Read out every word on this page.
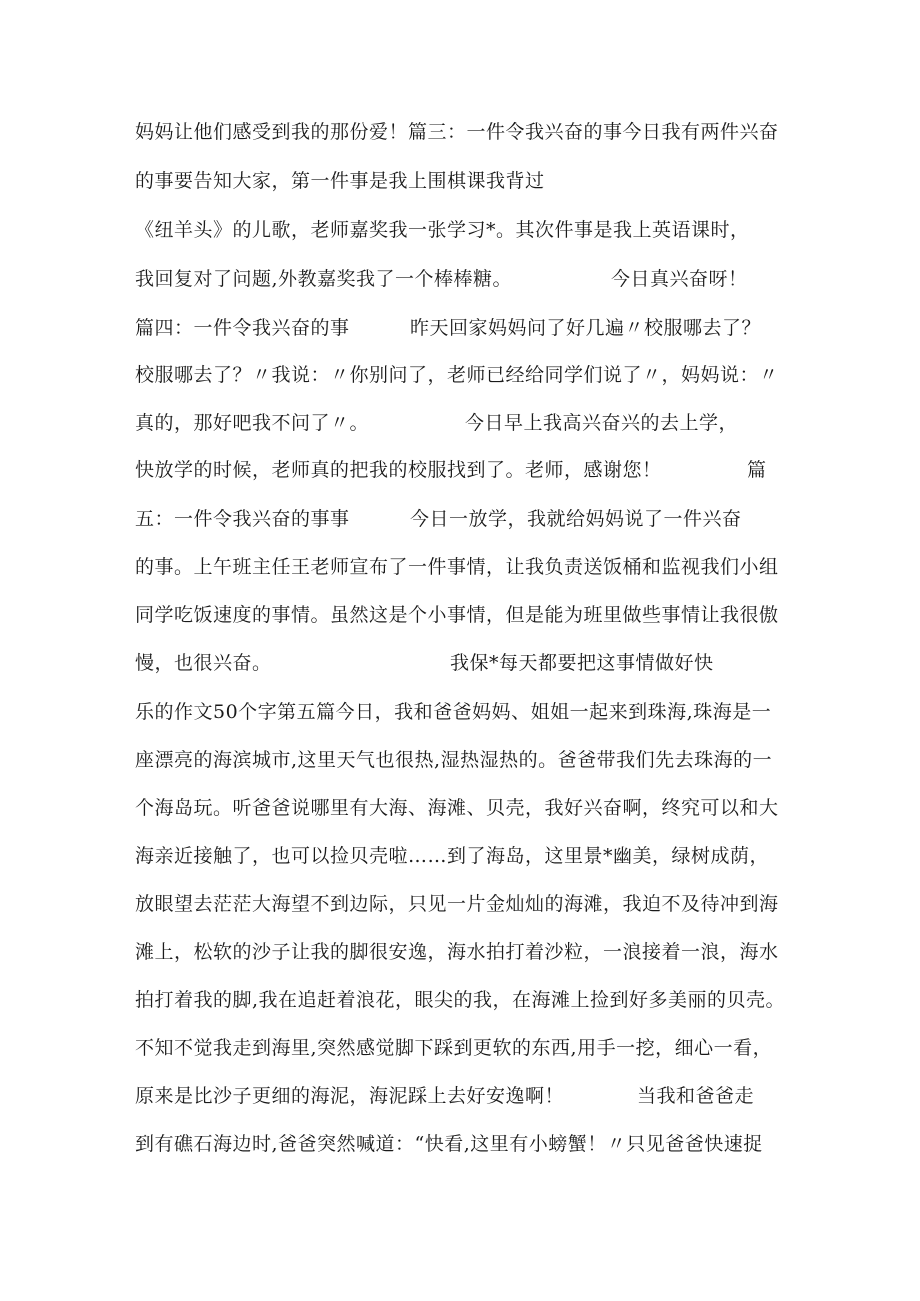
妈妈让他们感受到我的那份爱！篇三：一件令我兴奋的事今日我有两件兴奋
的事要告知大家，第一件事是我上围棋课我背过
《纽羊头》的儿歌，老师嘉奖我一张学习*。其次件事是我上英语课时，
我回复对了问题,外教嘉奖我了一个棒棒糖。	今日真兴奋呀！
篇四：一件令我兴奋的事	昨天回家妈妈问了好几遍〃校服哪去了？
校服哪去了？〃我说：〃你别问了，老师已经给同学们说了〃，妈妈说：〃
真的，那好吧我不问了〃。	今日早上我高兴奋兴的去上学，
快放学的时候，老师真的把我的校服找到了。老师，感谢您！	篇
五：一件令我兴奋的事事	今日一放学，我就给妈妈说了一件兴奋
的事。上午班主任王老师宣布了一件事情，让我负责送饭桶和监视我们小组
同学吃饭速度的事情。虽然这是个小事情，但是能为班里做些事情让我很傲
慢，也很兴奋。	我保*每天都要把这事情做好快
乐的作文50个字第五篇今日，我和爸爸妈妈、姐姐一起来到珠海,珠海是一
座漂亮的海滨城市,这里天气也很热,湿热湿热的。爸爸带我们先去珠海的一
个海岛玩。听爸爸说哪里有大海、海滩、贝壳，我好兴奋啊，终究可以和大
海亲近接触了，也可以捡贝壳啦……到了海岛，这里景*幽美，绿树成荫，
放眼望去茫茫大海望不到边际，只见一片金灿灿的海滩，我迫不及待冲到海
滩上，松软的沙子让我的脚很安逸，海水拍打着沙粒，一浪接着一浪，海水
拍打着我的脚,我在追赶着浪花，眼尖的我，在海滩上捡到好多美丽的贝壳。
不知不觉我走到海里,突然感觉脚下踩到更软的东西,用手一挖，细心一看，
原来是比沙子更细的海泥，海泥踩上去好安逸啊！	当我和爸爸走
到有礁石海边时,爸爸突然喊道：“快看,这里有小螃蟹！〃只见爸爸快速捉
